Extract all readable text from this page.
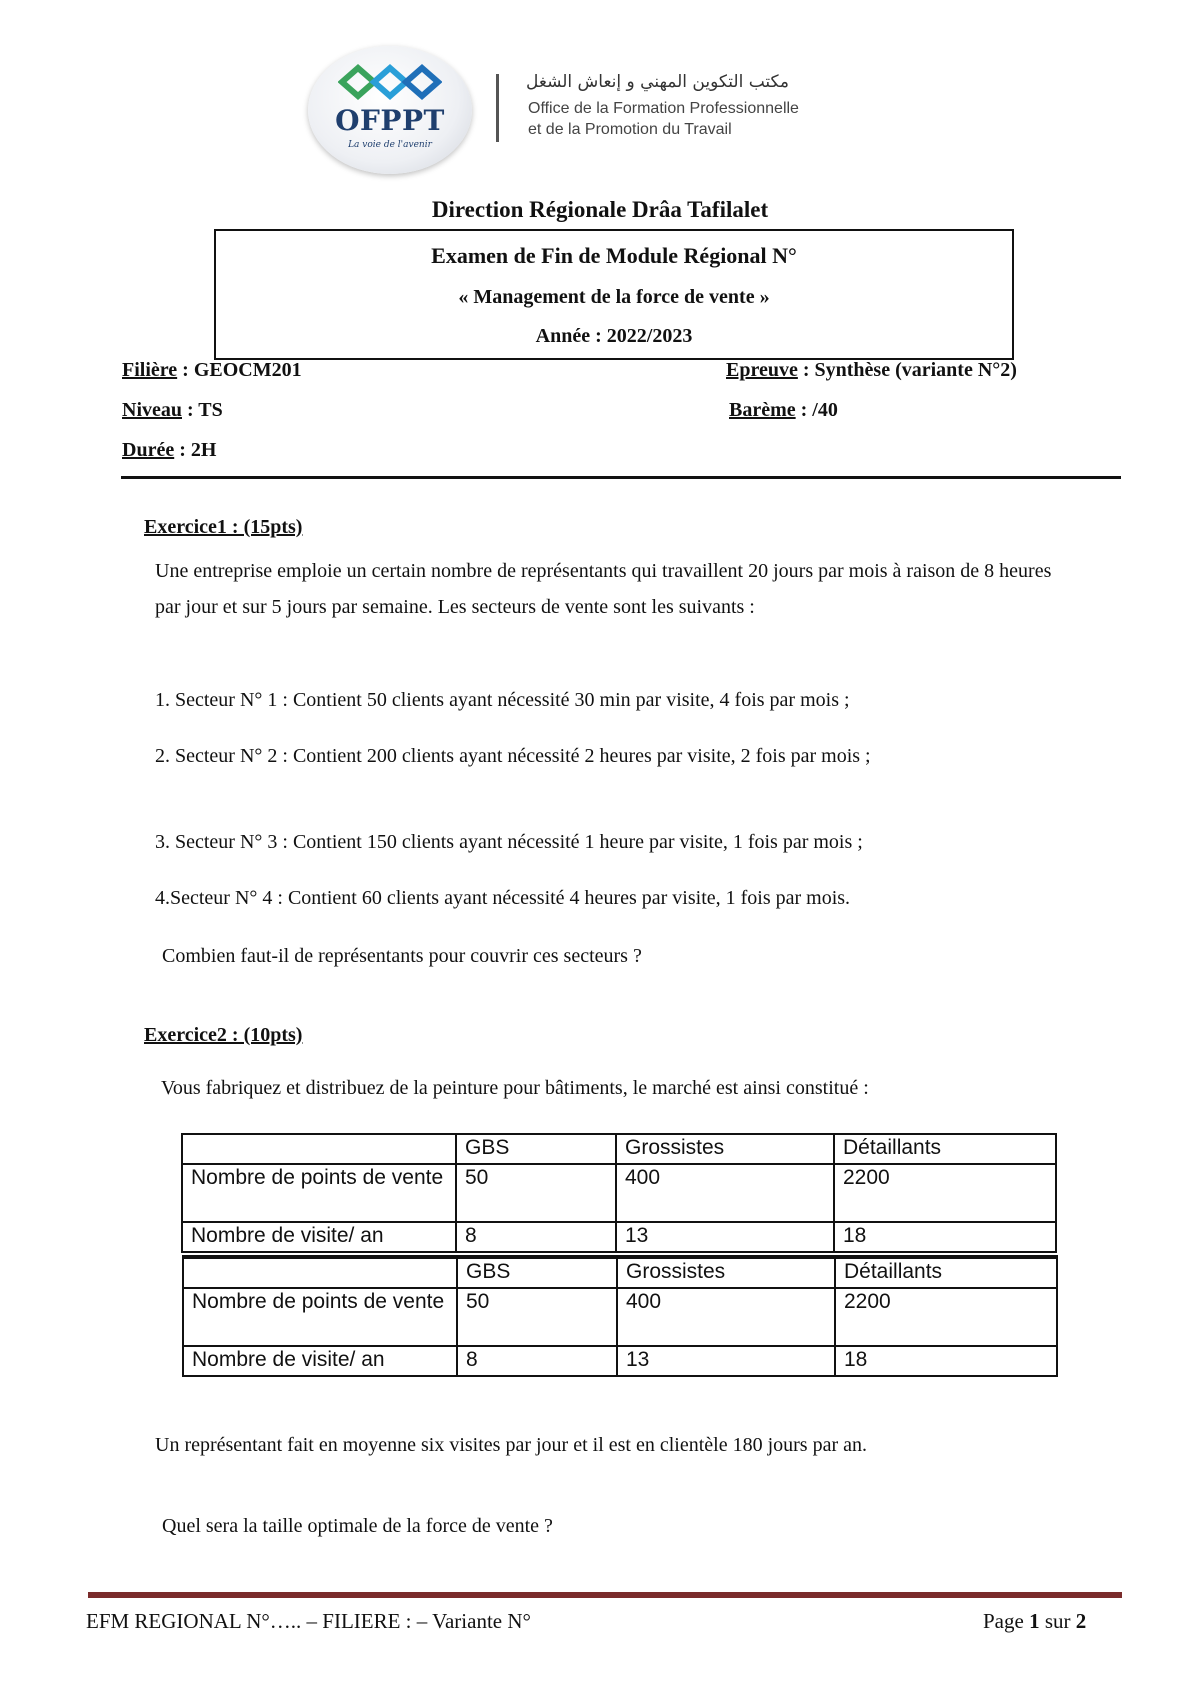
OFPPT
La voie de l'avenir
مكتب التكوين المهني و إنعاش الشغل
Office de la Formation Professionnelle
et de la Promotion du Travail
Direction Régionale Drâa Tafilalet
Examen de Fin de Module Régional N°
« Management de la force de vente »
Année : 2022/2023
Filière : GEOCM201
Niveau : TS
Durée : 2H
Epreuve : Synthèse (variante N°2)
Barème : /40
Exercice1 : (15pts)
Une entreprise emploie un certain nombre de représentants qui travaillent 20 jours par mois à raison de 8 heures par jour et sur 5 jours par semaine. Les secteurs de vente sont les suivants :
1. Secteur N° 1 : Contient 50 clients ayant nécessité 30 min par visite, 4 fois par mois ;
2. Secteur N° 2 : Contient 200 clients ayant nécessité 2 heures par visite, 2 fois par mois ;
3. Secteur N° 3 : Contient 150 clients ayant nécessité 1 heure par visite, 1 fois par mois ;
4.Secteur N° 4 : Contient 60 clients ayant nécessité 4 heures par visite, 1 fois par mois.
Combien faut-il de représentants pour couvrir ces secteurs ?
Exercice2 : (10pts)
Vous fabriquez et distribuez de la peinture pour bâtiments, le marché est ainsi constitué :
	GBS	Grossistes	Détaillants
Nombre de points de vente	50	400	2200
Nombre de visite/ an	8	13	18
	GBS	Grossistes	Détaillants
Nombre de points de vente	50	400	2200
Nombre de visite/ an	8	13	18
Un représentant fait en moyenne six visites par jour et il est en clientèle 180 jours par an.
Quel sera la taille optimale de la force de vente ?
EFM REGIONAL N°….. – FILIERE : – Variante N°	Page 1 sur 2
